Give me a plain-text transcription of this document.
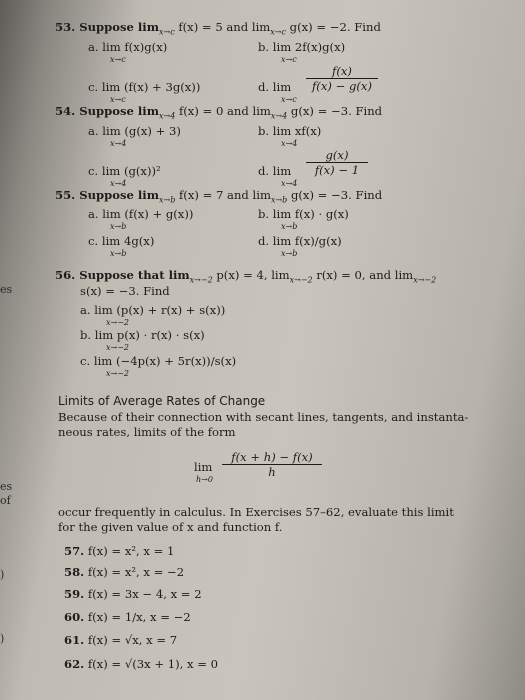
es
es
of
)
)
53. Suppose $\lim_{x\to c} f(x) = 5$ and $\lim_{x\to c} g(x) = -2$. Find
a. lim f(x)g(x)
x→c
b. lim 2f(x)g(x)
x→c
c. lim (f(x) + 3g(x))
x→c
d. lim
x→c
$\frac{f(x)}{f(x) - g(x)}$
54. Suppose $\lim_{x\to 4} f(x) = 0$ and $\lim_{x\to 4} g(x) = -3$. Find
a. lim (g(x) + 3)
x→4
b. lim xf(x)
x→4
c. lim (g(x))²
x→4
d. lim
x→4
$\frac{g(x)}{f(x) - 1}$
55. Suppose $\lim_{x\to b} f(x) = 7$ and $\lim_{x\to b} g(x) = -3$. Find
a. lim (f(x) + g(x))
x→b
b. lim f(x) · g(x)
x→b
c. lim 4g(x)
x→b
d. lim f(x)/g(x)
x→b
56. Suppose that $\lim_{x\to-2} p(x) = 4$, $\lim_{x\to-2} r(x) = 0$, and $\lim_{x\to-2}$
s(x) = −3. Find
a. lim (p(x) + r(x) + s(x))
x→−2
b. lim p(x) · r(x) · s(x)
x→−2
c. lim (−4p(x) + 5r(x))/s(x)
x→−2
Limits of Average Rates of Change
Because of their connection with secant lines, tangents, and instanta-
neous rates, limits of the form
lim
h→0
$\frac{f(x + h) - f(x)}{h}$
occur frequently in calculus. In Exercises 57–62, evaluate this limit
for the given value of x and function f.
57. f(x) = x², x = 1
58. f(x) = x², x = −2
59. f(x) = 3x − 4, x = 2
60. f(x) = 1/x, x = −2
61. f(x) = √x, x = 7
62. f(x) = √(3x + 1), x = 0
